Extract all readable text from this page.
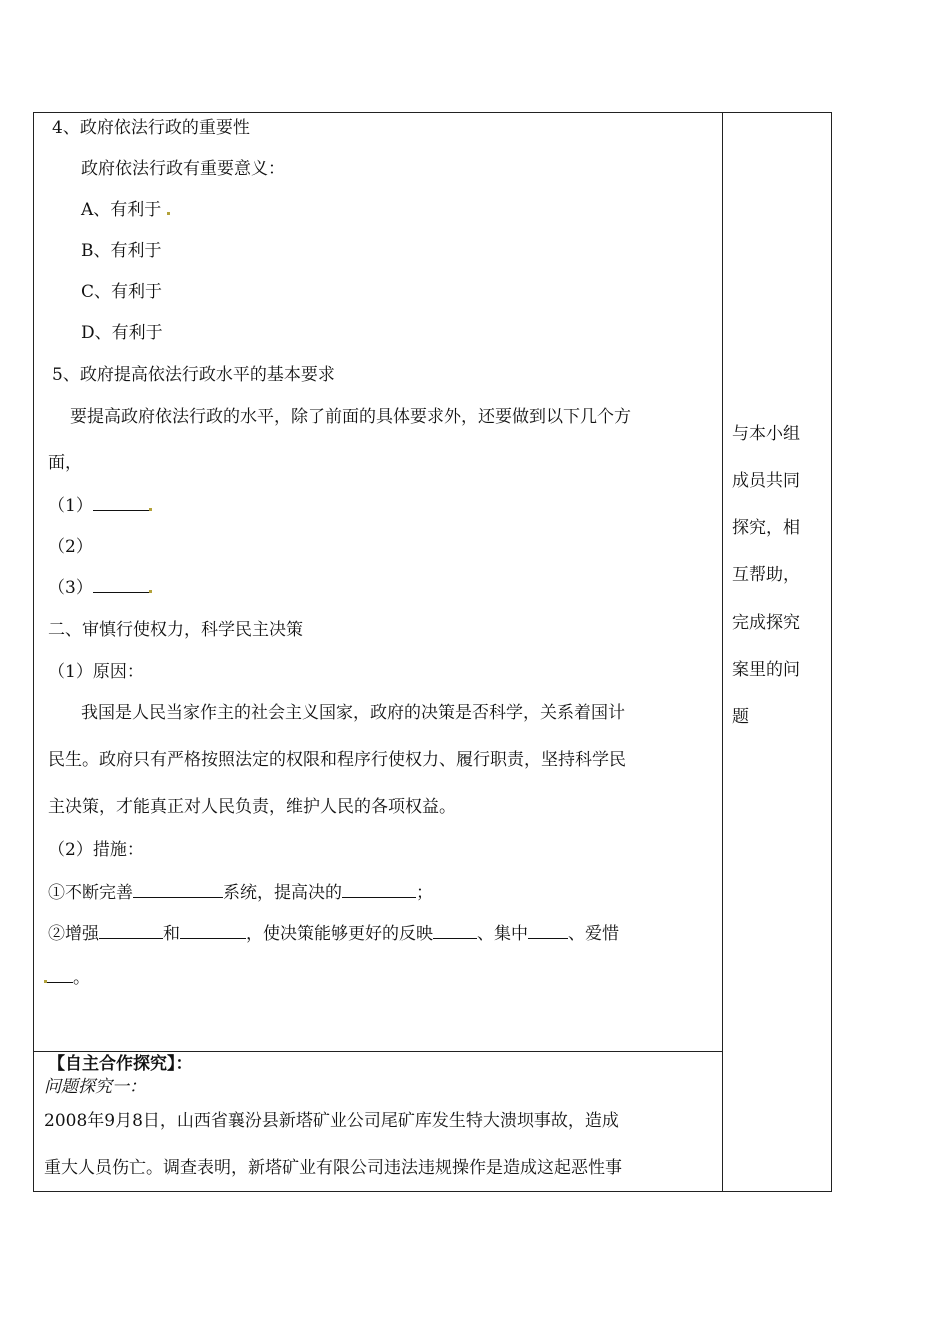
4、政府依法行政的重要性
政府依法行政有重要意义：
A、有利于
B、有利于
C、有利于
D、有利于
5、政府提高依法行政水平的基本要求
要提高政府依法行政的水平，除了前面的具体要求外，还要做到以下几个方
面，
（1）
（2）
（3）
二、审慎行使权力，科学民主决策
（1）原因：
我国是人民当家作主的社会主义国家，政府的决策是否科学，关系着国计
民生。政府只有严格按照法定的权限和程序行使权力、履行职责，坚持科学民
主决策，才能真正对人民负责，维护人民的各项权益。
（2）措施：
①不断完善	系统，提高决的	；
②增强	和	，使决策能够更好的反映	、集中 、爱惜
。
【自主合作探究】：
问题探究一：
2008年9月8日，山西省襄汾县新塔矿业公司尾矿库发生特大溃坝事故，造成
重大人员伤亡。调查表明，新塔矿业有限公司违法违规操作是造成这起恶性事
与本小组
成员共同
探究，相
互帮助，
完成探究
案里的问
题
